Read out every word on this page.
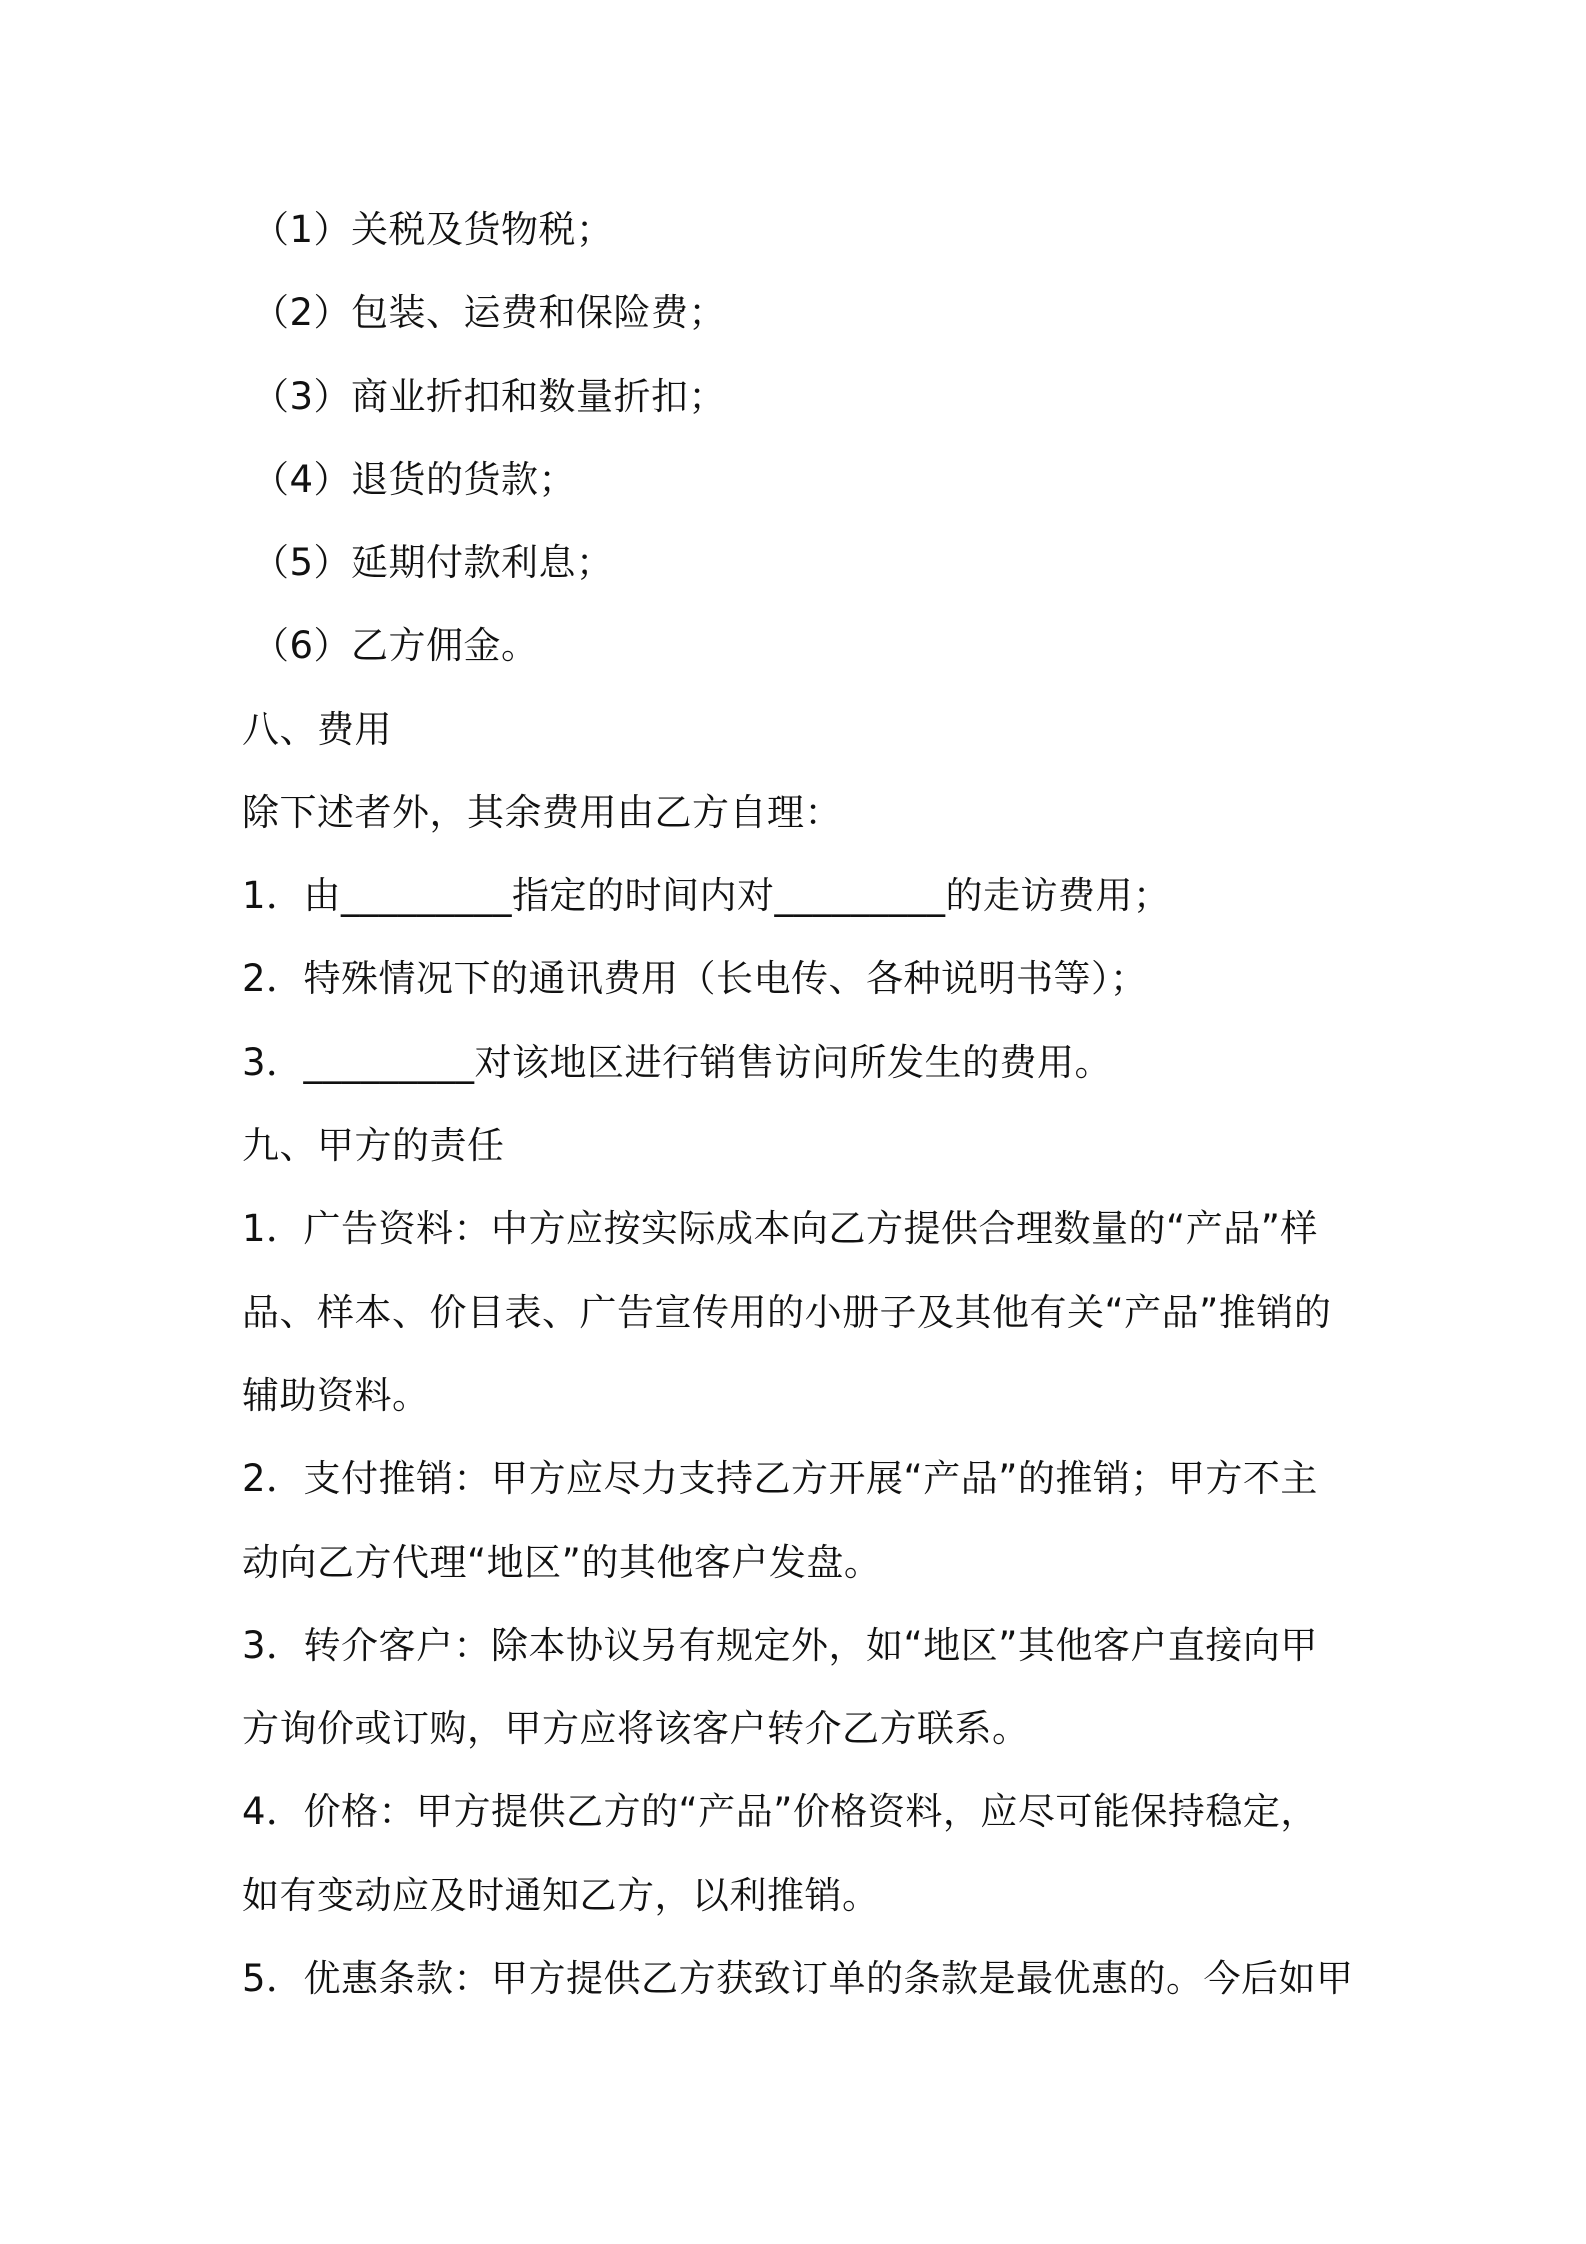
（1）关税及货物税；
（2）包装、运费和保险费；
（3）商业折扣和数量折扣；
（4）退货的货款；
（5）延期付款利息；
（6）乙方佣金。
八、费用
除下述者外，其余费用由乙方自理：
1．由_________指定的时间内对_________的走访费用；
2．特殊情况下的通讯费用（长电传、各种说明书等）；
3．_________对该地区进行销售访问所发生的费用。
九、甲方的责任
1．广告资料：中方应按实际成本向乙方提供合理数量的“产品”样
品、样本、价目表、广告宣传用的小册子及其他有关“产品”推销的
辅助资料。
2．支付推销：甲方应尽力支持乙方开展“产品”的推销；甲方不主
动向乙方代理“地区”的其他客户发盘。
3．转介客户：除本协议另有规定外，如“地区”其他客户直接向甲
方询价或订购，甲方应将该客户转介乙方联系。
4．价格：甲方提供乙方的“产品”价格资料，应尽可能保持稳定，
如有变动应及时通知乙方，以利推销。
5．优惠条款：甲方提供乙方获致订单的条款是最优惠的。今后如甲
